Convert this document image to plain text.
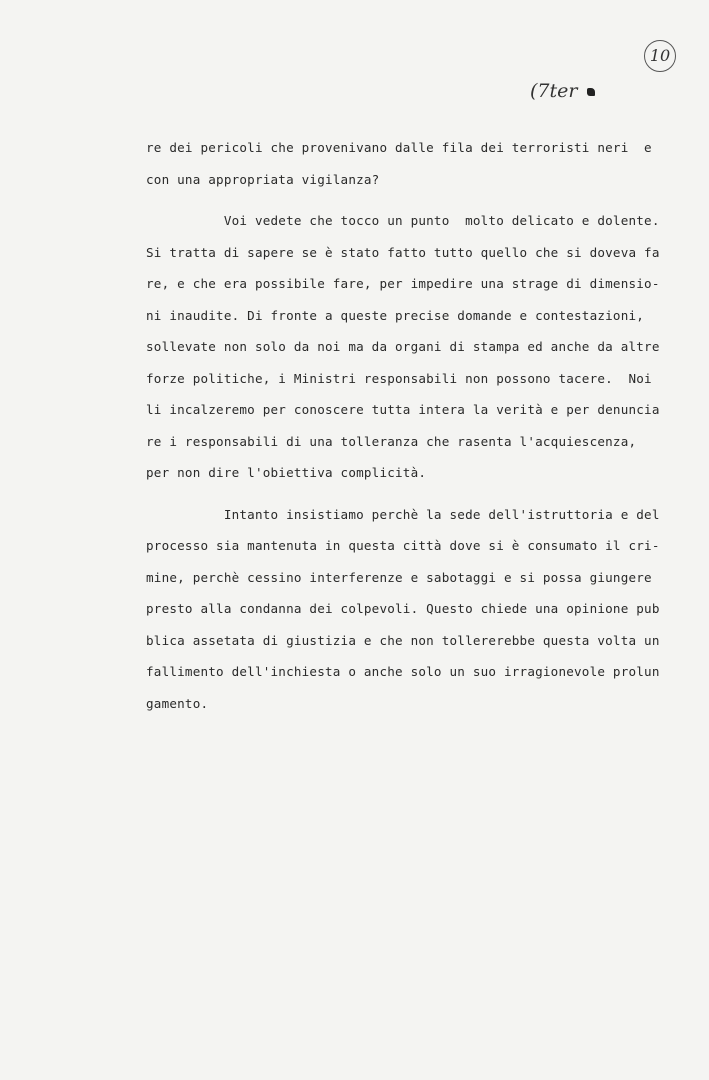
10
(7ter
re dei pericoli che provenivano dalle fila dei terroristi neri  e
con una appropriata vigilanza?
Voi vedete che tocco un punto  molto delicato e dolente.
Si tratta di sapere se è stato fatto tutto quello che si doveva fa
re, e che era possibile fare, per impedire una strage di dimensio-
ni inaudite. Di fronte a queste precise domande e contestazioni,
sollevate non solo da noi ma da organi di stampa ed anche da altre
forze politiche, i Ministri responsabili non possono tacere.  Noi
li incalzeremo per conoscere tutta intera la verità e per denuncia
re i responsabili di una tolleranza che rasenta l'acquiescenza,
per non dire l'obiettiva complicità.
Intanto insistiamo perchè la sede dell'istruttoria e del
processo sia mantenuta in questa città dove si è consumato il cri-
mine, perchè cessino interferenze e sabotaggi e si possa giungere
presto alla condanna dei colpevoli. Questo chiede una opinione pub
blica assetata di giustizia e che non tollererebbe questa volta un
fallimento dell'inchiesta o anche solo un suo irragionevole prolun
gamento.
